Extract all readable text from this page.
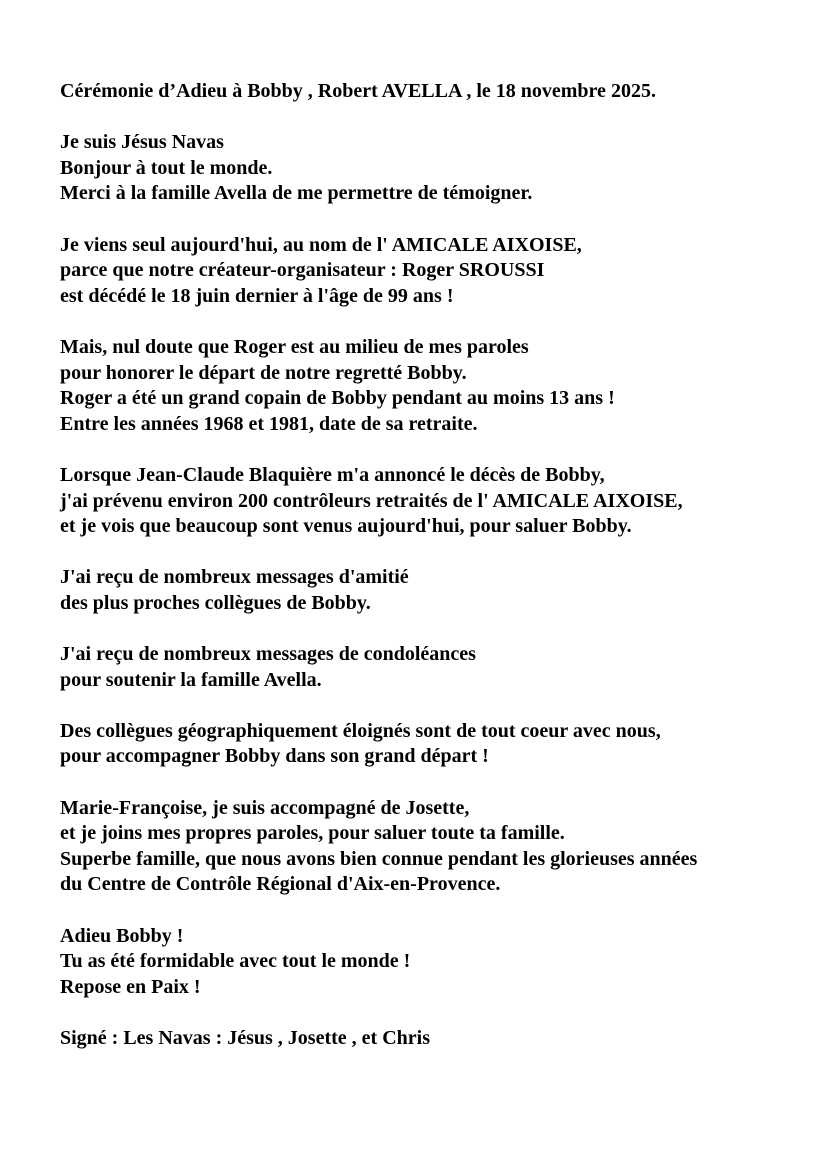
Cérémonie d’Adieu à Bobby , Robert AVELLA , le 18 novembre 2025.
Je suis Jésus Navas
Bonjour à tout le monde.
Merci à la famille Avella de me permettre de témoigner.
Je viens seul aujourd'hui, au nom de l' AMICALE AIXOISE,
parce que notre créateur-organisateur : Roger SROUSSI
est décédé le 18 juin dernier à l'âge de 99 ans !
Mais, nul doute que Roger est au milieu de mes paroles
pour honorer le départ de notre regretté Bobby.
Roger a été un grand copain de Bobby pendant au moins 13 ans !
Entre les années 1968 et 1981, date de sa retraite.
Lorsque Jean-Claude Blaquière m'a annoncé le décès de Bobby,
j'ai prévenu environ 200 contrôleurs retraités de l' AMICALE AIXOISE,
et je vois que beaucoup sont venus aujourd'hui, pour saluer Bobby.
J'ai reçu de nombreux messages d'amitié
des plus proches collègues de Bobby.
J'ai reçu de nombreux messages de condoléances
pour soutenir la famille Avella.
Des collègues géographiquement éloignés sont de tout coeur avec nous,
pour accompagner Bobby dans son grand départ !
Marie-Françoise, je suis accompagné de Josette,
et je joins mes propres paroles, pour saluer toute ta famille.
Superbe famille, que nous avons bien connue pendant les glorieuses années
du Centre de Contrôle Régional d'Aix-en-Provence.
Adieu Bobby !
Tu as été formidable avec tout le monde !
Repose en Paix !
Signé : Les Navas : Jésus , Josette , et Chris
